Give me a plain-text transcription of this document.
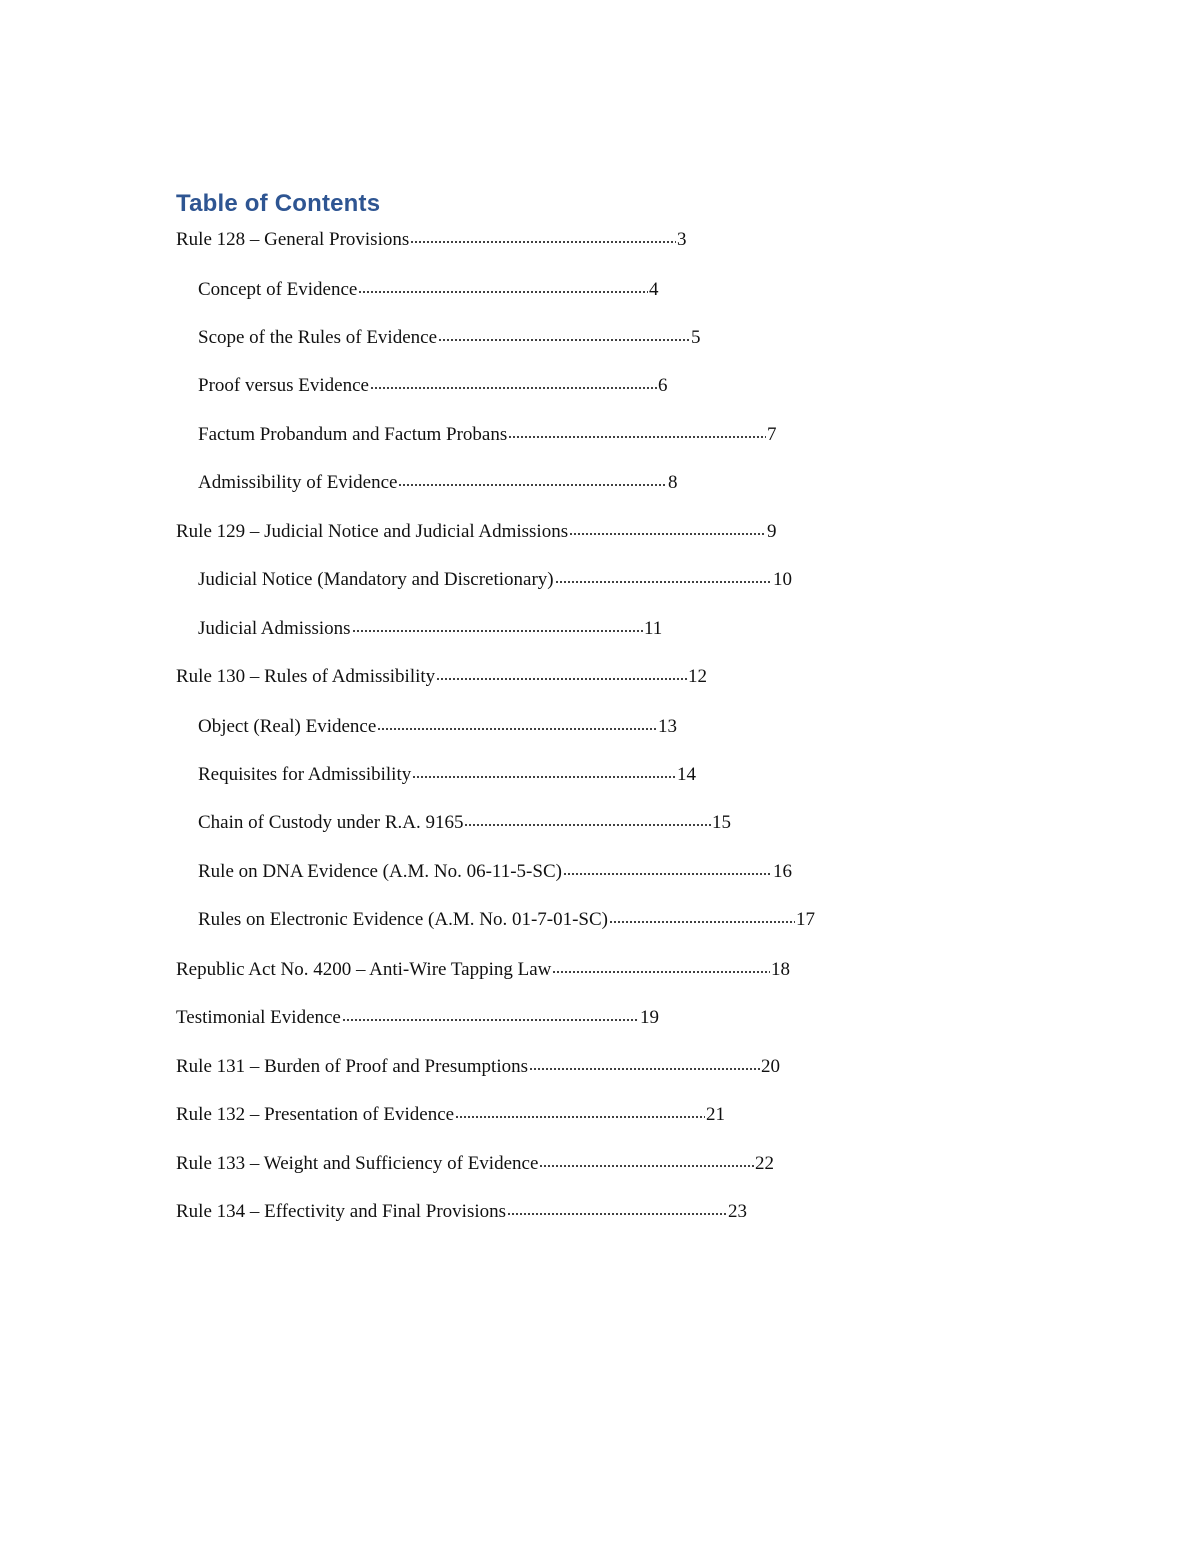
Table of Contents
Rule 128 – General Provisions	3
Concept of Evidence	4
Scope of the Rules of Evidence	5
Proof versus Evidence	6
Factum Probandum and Factum Probans	7
Admissibility of Evidence	8
Rule 129 – Judicial Notice and Judicial Admissions	9
Judicial Notice (Mandatory and Discretionary)	10
Judicial Admissions	11
Rule 130 – Rules of Admissibility	12
Object (Real) Evidence	13
Requisites for Admissibility	14
Chain of Custody under R.A. 9165	15
Rule on DNA Evidence (A.M. No. 06-11-5-SC)	16
Rules on Electronic Evidence (A.M. No. 01-7-01-SC)	17
Republic Act No. 4200 – Anti-Wire Tapping Law	18
Testimonial Evidence	19
Rule 131 – Burden of Proof and Presumptions	20
Rule 132 – Presentation of Evidence	21
Rule 133 – Weight and Sufficiency of Evidence	22
Rule 134 – Effectivity and Final Provisions	23
